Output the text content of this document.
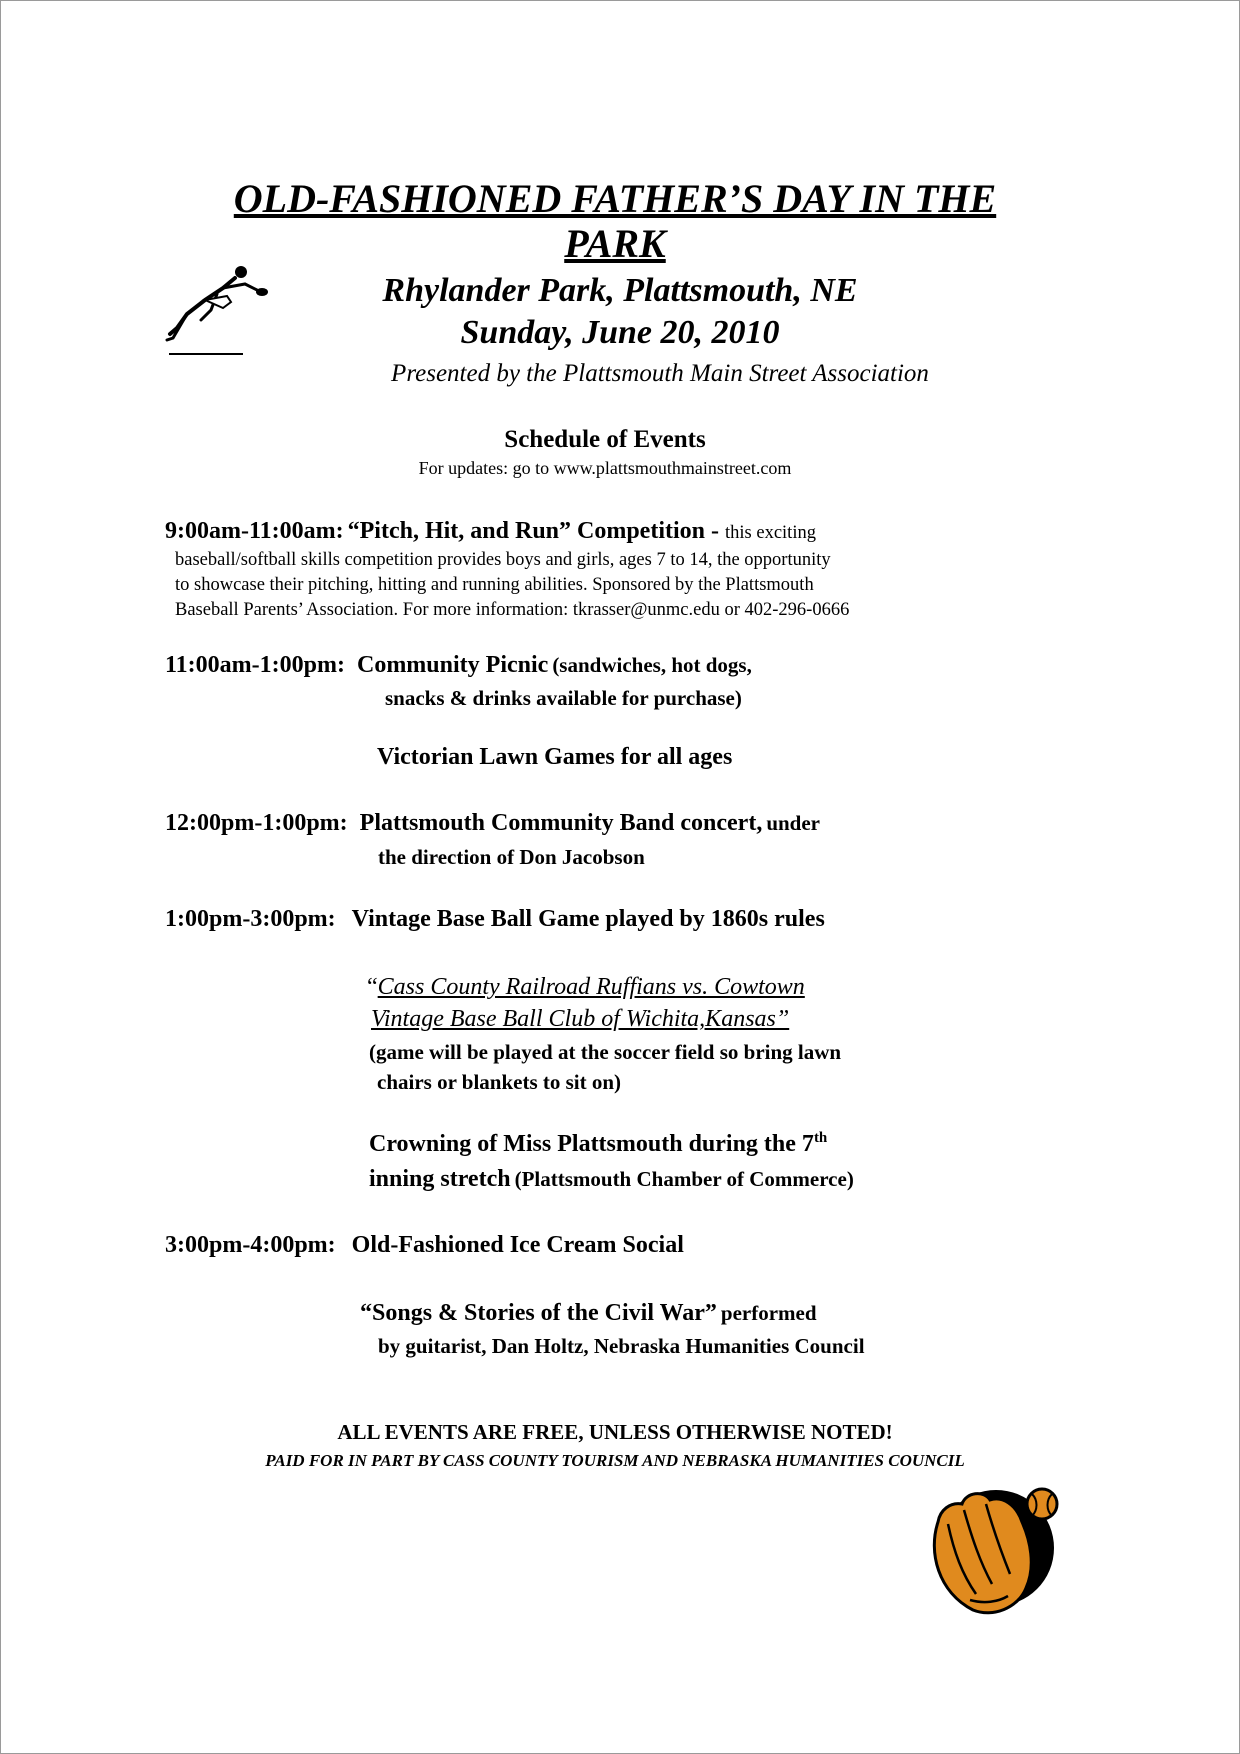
OLD-FASHIONED FATHER’S DAY IN THE
PARK
Rhylander Park, Plattsmouth, NE
Sunday, June 20, 2010
Presented by the Plattsmouth Main Street Association
Schedule of Events
For updates: go to www.plattsmouthmainstreet.com
9:00am-11:00am: “Pitch, Hit, and Run” Competition - this exciting
baseball/softball skills competition provides boys and girls, ages 7 to 14, the opportunity
to showcase their pitching, hitting and running abilities. Sponsored by the Plattsmouth
Baseball Parents’ Association. For more information: tkrasser@unmc.edu or 402-296-0666
11:00am-1:00pm: Community Picnic (sandwiches, hot dogs,
snacks & drinks available for purchase)
Victorian Lawn Games for all ages
12:00pm-1:00pm: Plattsmouth Community Band concert, under
the direction of Don Jacobson
1:00pm-3:00pm: Vintage Base Ball Game played by 1860s rules
“Cass County Railroad Ruffians vs. Cowtown
Vintage Base Ball Club of Wichita,Kansas”
(game will be played at the soccer field so bring lawn
chairs or blankets to sit on)
Crowning of Miss Plattsmouth during the 7th
inning stretch (Plattsmouth Chamber of Commerce)
3:00pm-4:00pm: Old-Fashioned Ice Cream Social
“Songs & Stories of the Civil War” performed
by guitarist, Dan Holtz, Nebraska Humanities Council
ALL EVENTS ARE FREE, UNLESS OTHERWISE NOTED!
PAID FOR IN PART BY CASS COUNTY TOURISM AND NEBRASKA HUMANITIES COUNCIL
